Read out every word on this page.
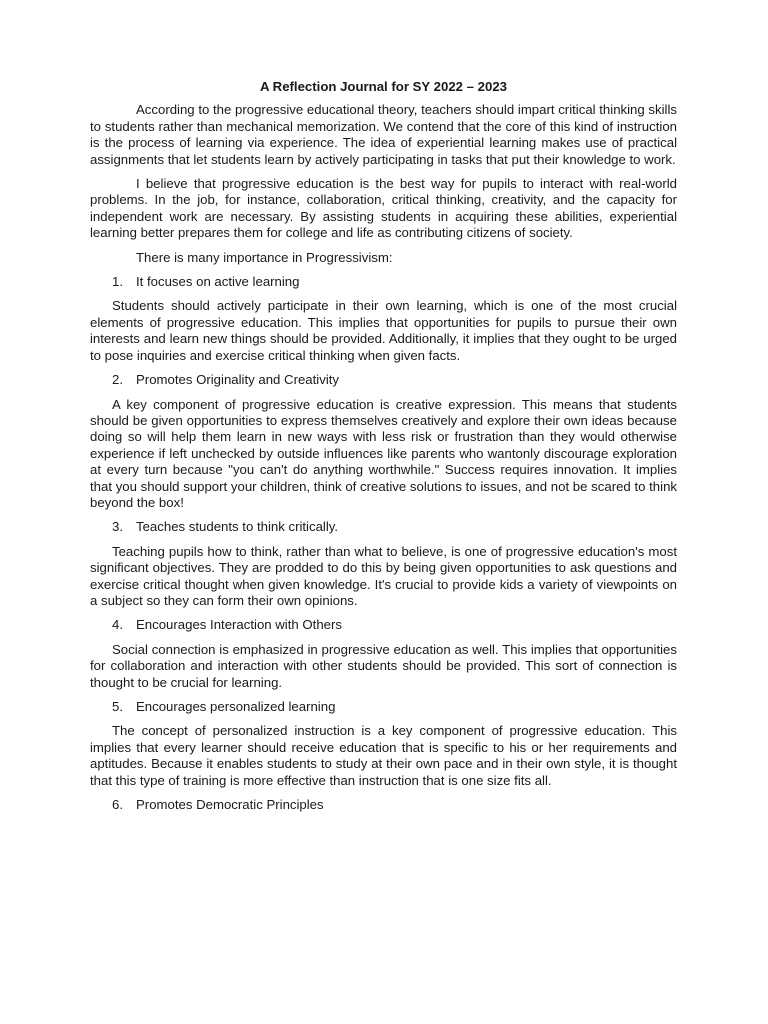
A Reflection Journal for SY 2022 – 2023

According to the progressive educational theory, teachers should impart critical thinking skills to students rather than mechanical memorization. We contend that the core of this kind of instruction is the process of learning via experience. The idea of experiential learning makes use of practical assignments that let students learn by actively participating in tasks that put their knowledge to work.

I believe that progressive education is the best way for pupils to interact with real-world problems. In the job, for instance, collaboration, critical thinking, creativity, and the capacity for independent work are necessary. By assisting students in acquiring these abilities, experiential learning better prepares them for college and life as contributing citizens of society.

There is many importance in Progressivism:

1. It focuses on active learning

Students should actively participate in their own learning, which is one of the most crucial elements of progressive education. This implies that opportunities for pupils to pursue their own interests and learn new things should be provided. Additionally, it implies that they ought to be urged to pose inquiries and exercise critical thinking when given facts.

2. Promotes Originality and Creativity

A key component of progressive education is creative expression. This means that students should be given opportunities to express themselves creatively and explore their own ideas because doing so will help them learn in new ways with less risk or frustration than they would otherwise experience if left unchecked by outside influences like parents who wantonly discourage exploration at every turn because "you can't do anything worthwhile." Success requires innovation. It implies that you should support your children, think of creative solutions to issues, and not be scared to think beyond the box!

3. Teaches students to think critically.

Teaching pupils how to think, rather than what to believe, is one of progressive education's most significant objectives. They are prodded to do this by being given opportunities to ask questions and exercise critical thought when given knowledge. It's crucial to provide kids a variety of viewpoints on a subject so they can form their own opinions.

4. Encourages Interaction with Others

Social connection is emphasized in progressive education as well. This implies that opportunities for collaboration and interaction with other students should be provided. This sort of connection is thought to be crucial for learning.

5. Encourages personalized learning

The concept of personalized instruction is a key component of progressive education. This implies that every learner should receive education that is specific to his or her requirements and aptitudes. Because it enables students to study at their own pace and in their own style, it is thought that this type of training is more effective than instruction that is one size fits all.

6. Promotes Democratic Principles
